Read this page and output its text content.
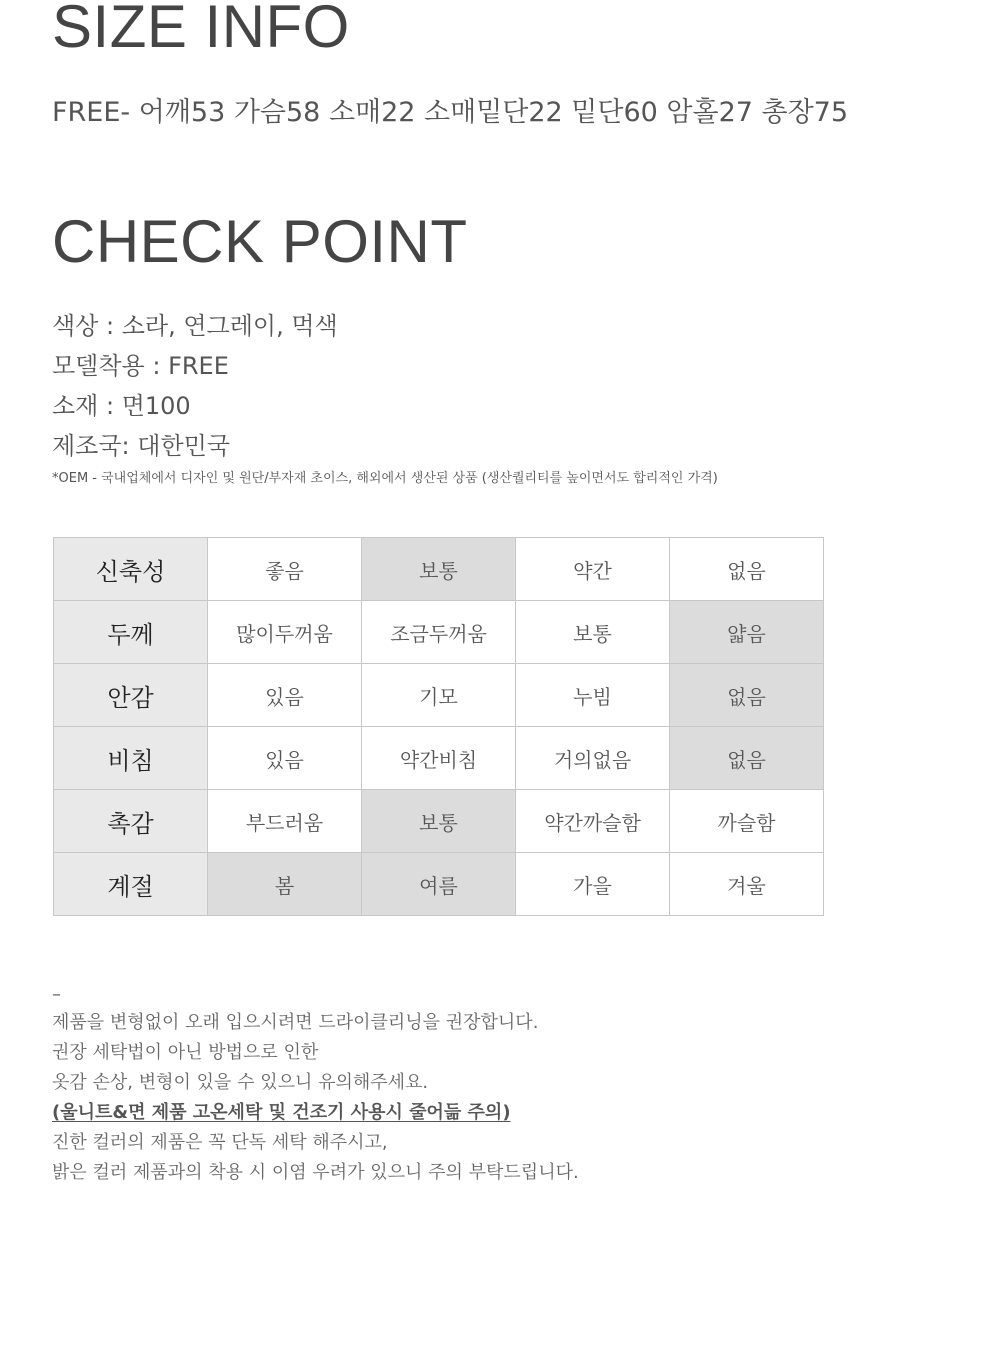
SIZE INFO
FREE- 어깨53 가슴58 소매22 소매밑단22 밑단60 암홀27 총장75
CHECK POINT
색상 : 소라, 연그레이, 먹색
모델착용 : FREE
소재 : 면100
제조국: 대한민국
*OEM - 국내업체에서 디자인 및 원단/부자재 초이스, 해외에서 생산된 상품 (생산퀄리티를 높이면서도 합리적인 가격)
신축성	좋음	보통	약간	없음
두께	많이두꺼움	조금두꺼움	보통	얇음
안감	있음	기모	누빔	없음
비침	있음	약간비침	거의없음	없음
촉감	부드러움	보통	약간까슬함	까슬함
계절	봄	여름	가을	겨울
–
제품을 변형없이 오래 입으시려면 드라이클리닝을 권장합니다.
권장 세탁법이 아닌 방법으로 인한
옷감 손상, 변형이 있을 수 있으니 유의해주세요.
(울니트&면 제품 고온세탁 및 건조기 사용시 줄어듦 주의)
진한 컬러의 제품은 꼭 단독 세탁 해주시고,
밝은 컬러 제품과의 착용 시 이염 우려가 있으니 주의 부탁드립니다.
